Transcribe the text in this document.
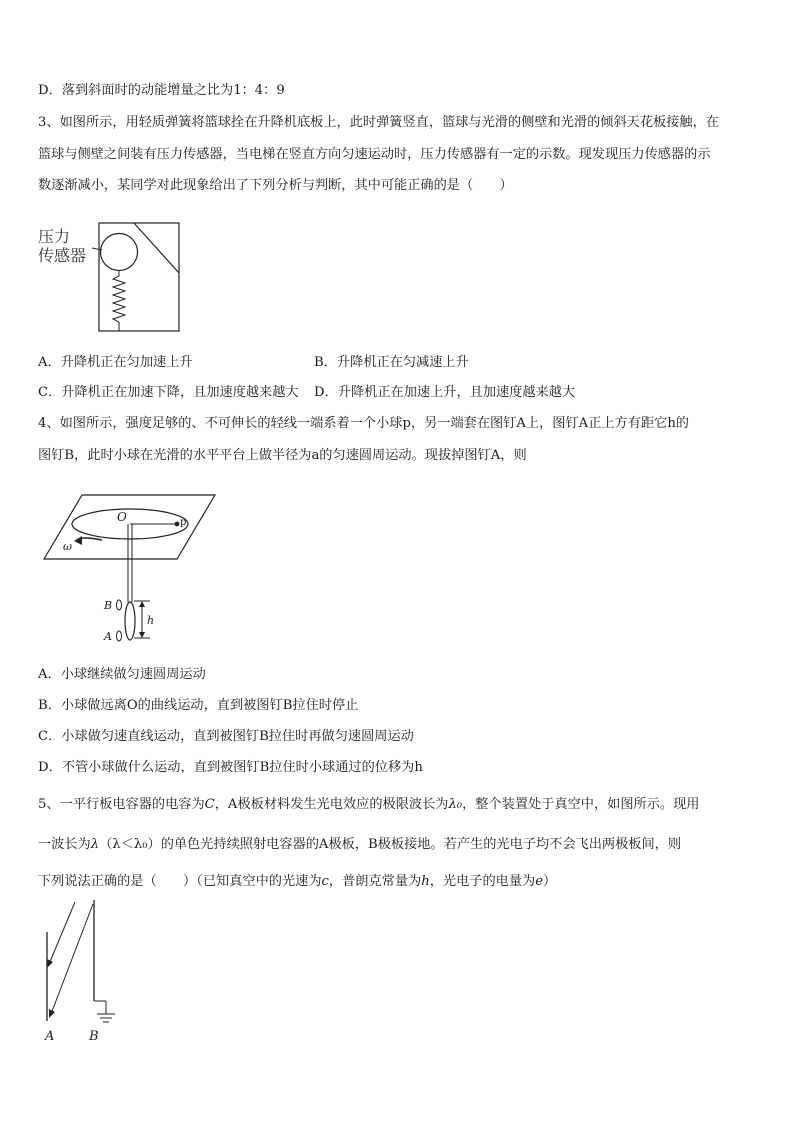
D．落到斜面时的动能增量之比为1：4：9
3、如图所示，用轻质弹簧将篮球拴在升降机底板上，此时弹簧竖直，篮球与光滑的侧壁和光滑的倾斜天花板接触，在
篮球与侧壁之间装有压力传感器，当电梯在竖直方向匀速运动时，压力传感器有一定的示数。现发现压力传感器的示
数逐渐减小，某同学对此现象给出了下列分析与判断，其中可能正确的是（　　）
压力
传感器
A．升降机正在匀加速上升	B．升降机正在匀减速上升
C．升降机正在加速下降，且加速度越来越大 D．升降机正在加速上升，且加速度越来越大
4、如图所示，强度足够的、不可伸长的轻线一端系着一个小球p，另一端套在图钉A上，图钉A正上方有距它h的
图钉B，此时小球在光滑的水平平台上做半径为a的匀速圆周运动。现拔掉图钉A，则
O	p
ω
B
A
h
A．小球继续做匀速圆周运动
B．小球做远离O的曲线运动，直到被图钉B拉住时停止
C．小球做匀速直线运动，直到被图钉B拉住时再做匀速圆周运动
D．不管小球做什么运动，直到被图钉B拉住时小球通过的位移为h
5、一平行板电容器的电容为C，A极板材料发生光电效应的极限波长为λ₀，整个装置处于真空中，如图所示。现用
一波长为λ（λ＜λ₀）的单色光持续照射电容器的A极板，B极板接地。若产生的光电子均不会飞出两极板间，则
下列说法正确的是（　　）（已知真空中的光速为c，普朗克常量为h，光电子的电量为e）
A	B
